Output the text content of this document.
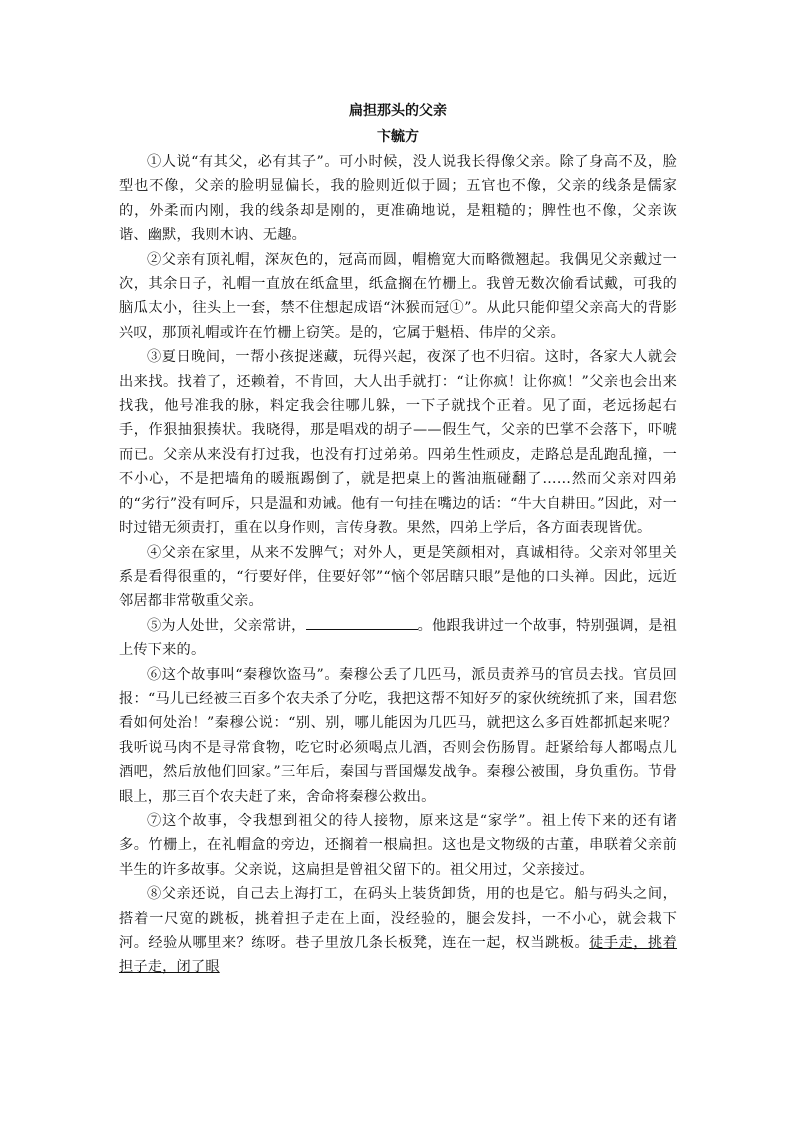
扁担那头的父亲

卞毓方

①人说“有其父，必有其子”。可小时候，没人说我长得像父亲。除了身高不及，脸型也不像，父亲的脸明显偏长，我的脸则近似于圆；五官也不像，父亲的线条是儒家的，外柔而内刚，我的线条却是刚的，更准确地说，是粗糙的；脾性也不像，父亲诙谐、幽默，我则木讷、无趣。

②父亲有顶礼帽，深灰色的，冠高而圆，帽檐宽大而略微翘起。我偶见父亲戴过一次，其余日子，礼帽一直放在纸盒里，纸盒搁在竹栅上。我曾无数次偷看试戴，可我的脑瓜太小，往头上一套，禁不住想起成语“沐猴而冠①”。从此只能仰望父亲高大的背影兴叹，那顶礼帽或许在竹栅上窃笑。是的，它属于魁梧、伟岸的父亲。

③夏日晚间，一帮小孩捉迷藏，玩得兴起，夜深了也不归宿。这时，各家大人就会出来找。找着了，还赖着，不肯回，大人出手就打：“让你疯！让你疯！”父亲也会出来找我，他号准我的脉，料定我会往哪儿躲，一下子就找个正着。见了面，老远扬起右手，作狠抽狠揍状。我晓得，那是唱戏的胡子——假生气，父亲的巴掌不会落下，吓唬而已。父亲从来没有打过我，也没有打过弟弟。四弟生性顽皮，走路总是乱跑乱撞，一不小心，不是把墙角的暖瓶踢倒了，就是把桌上的酱油瓶碰翻了……然而父亲对四弟的“劣行”没有呵斥，只是温和劝诫。他有一句挂在嘴边的话：“牛大自耕田。”因此，对一时过错无须责打，重在以身作则，言传身教。果然，四弟上学后，各方面表现皆优。

④父亲在家里，从来不发脾气；对外人，更是笑颜相对，真诚相待。父亲对邻里关系是看得很重的，“行要好伴，住要好邻”“恼个邻居瞎只眼”是他的口头禅。因此，远近邻居都非常敬重父亲。

⑤为人处世，父亲常讲，	。他跟我讲过一个故事，特别强调，是祖上传下来的。

⑥这个故事叫“秦穆饮盗马”。秦穆公丢了几匹马，派员责养马的官员去找。官员回报：“马儿已经被三百多个农夫杀了分吃，我把这帮不知好歹的家伙统统抓了来，国君您看如何处治！”秦穆公说：“别、别，哪儿能因为几匹马，就把这么多百姓都抓起来呢？我听说马肉不是寻常食物，吃它时必须喝点儿酒，否则会伤肠胃。赶紧给每人都喝点儿酒吧，然后放他们回家。”三年后，秦国与晋国爆发战争。秦穆公被围，身负重伤。节骨眼上，那三百个农夫赶了来，舍命将秦穆公救出。

⑦这个故事，令我想到祖父的待人接物，原来这是“家学”。祖上传下来的还有诸多。竹栅上，在礼帽盒的旁边，还搁着一根扁担。这也是文物级的古董，串联着父亲前半生的许多故事。父亲说，这扁担是曾祖父留下的。祖父用过，父亲接过。

⑧父亲还说，自己去上海打工，在码头上装货卸货，用的也是它。船与码头之间，搭着一尺宽的跳板，挑着担子走在上面，没经验的，腿会发抖，一不小心，就会栽下河。经验从哪里来？练呀。巷子里放几条长板凳，连在一起，权当跳板。徒手走，挑着担子走，闭了眼
